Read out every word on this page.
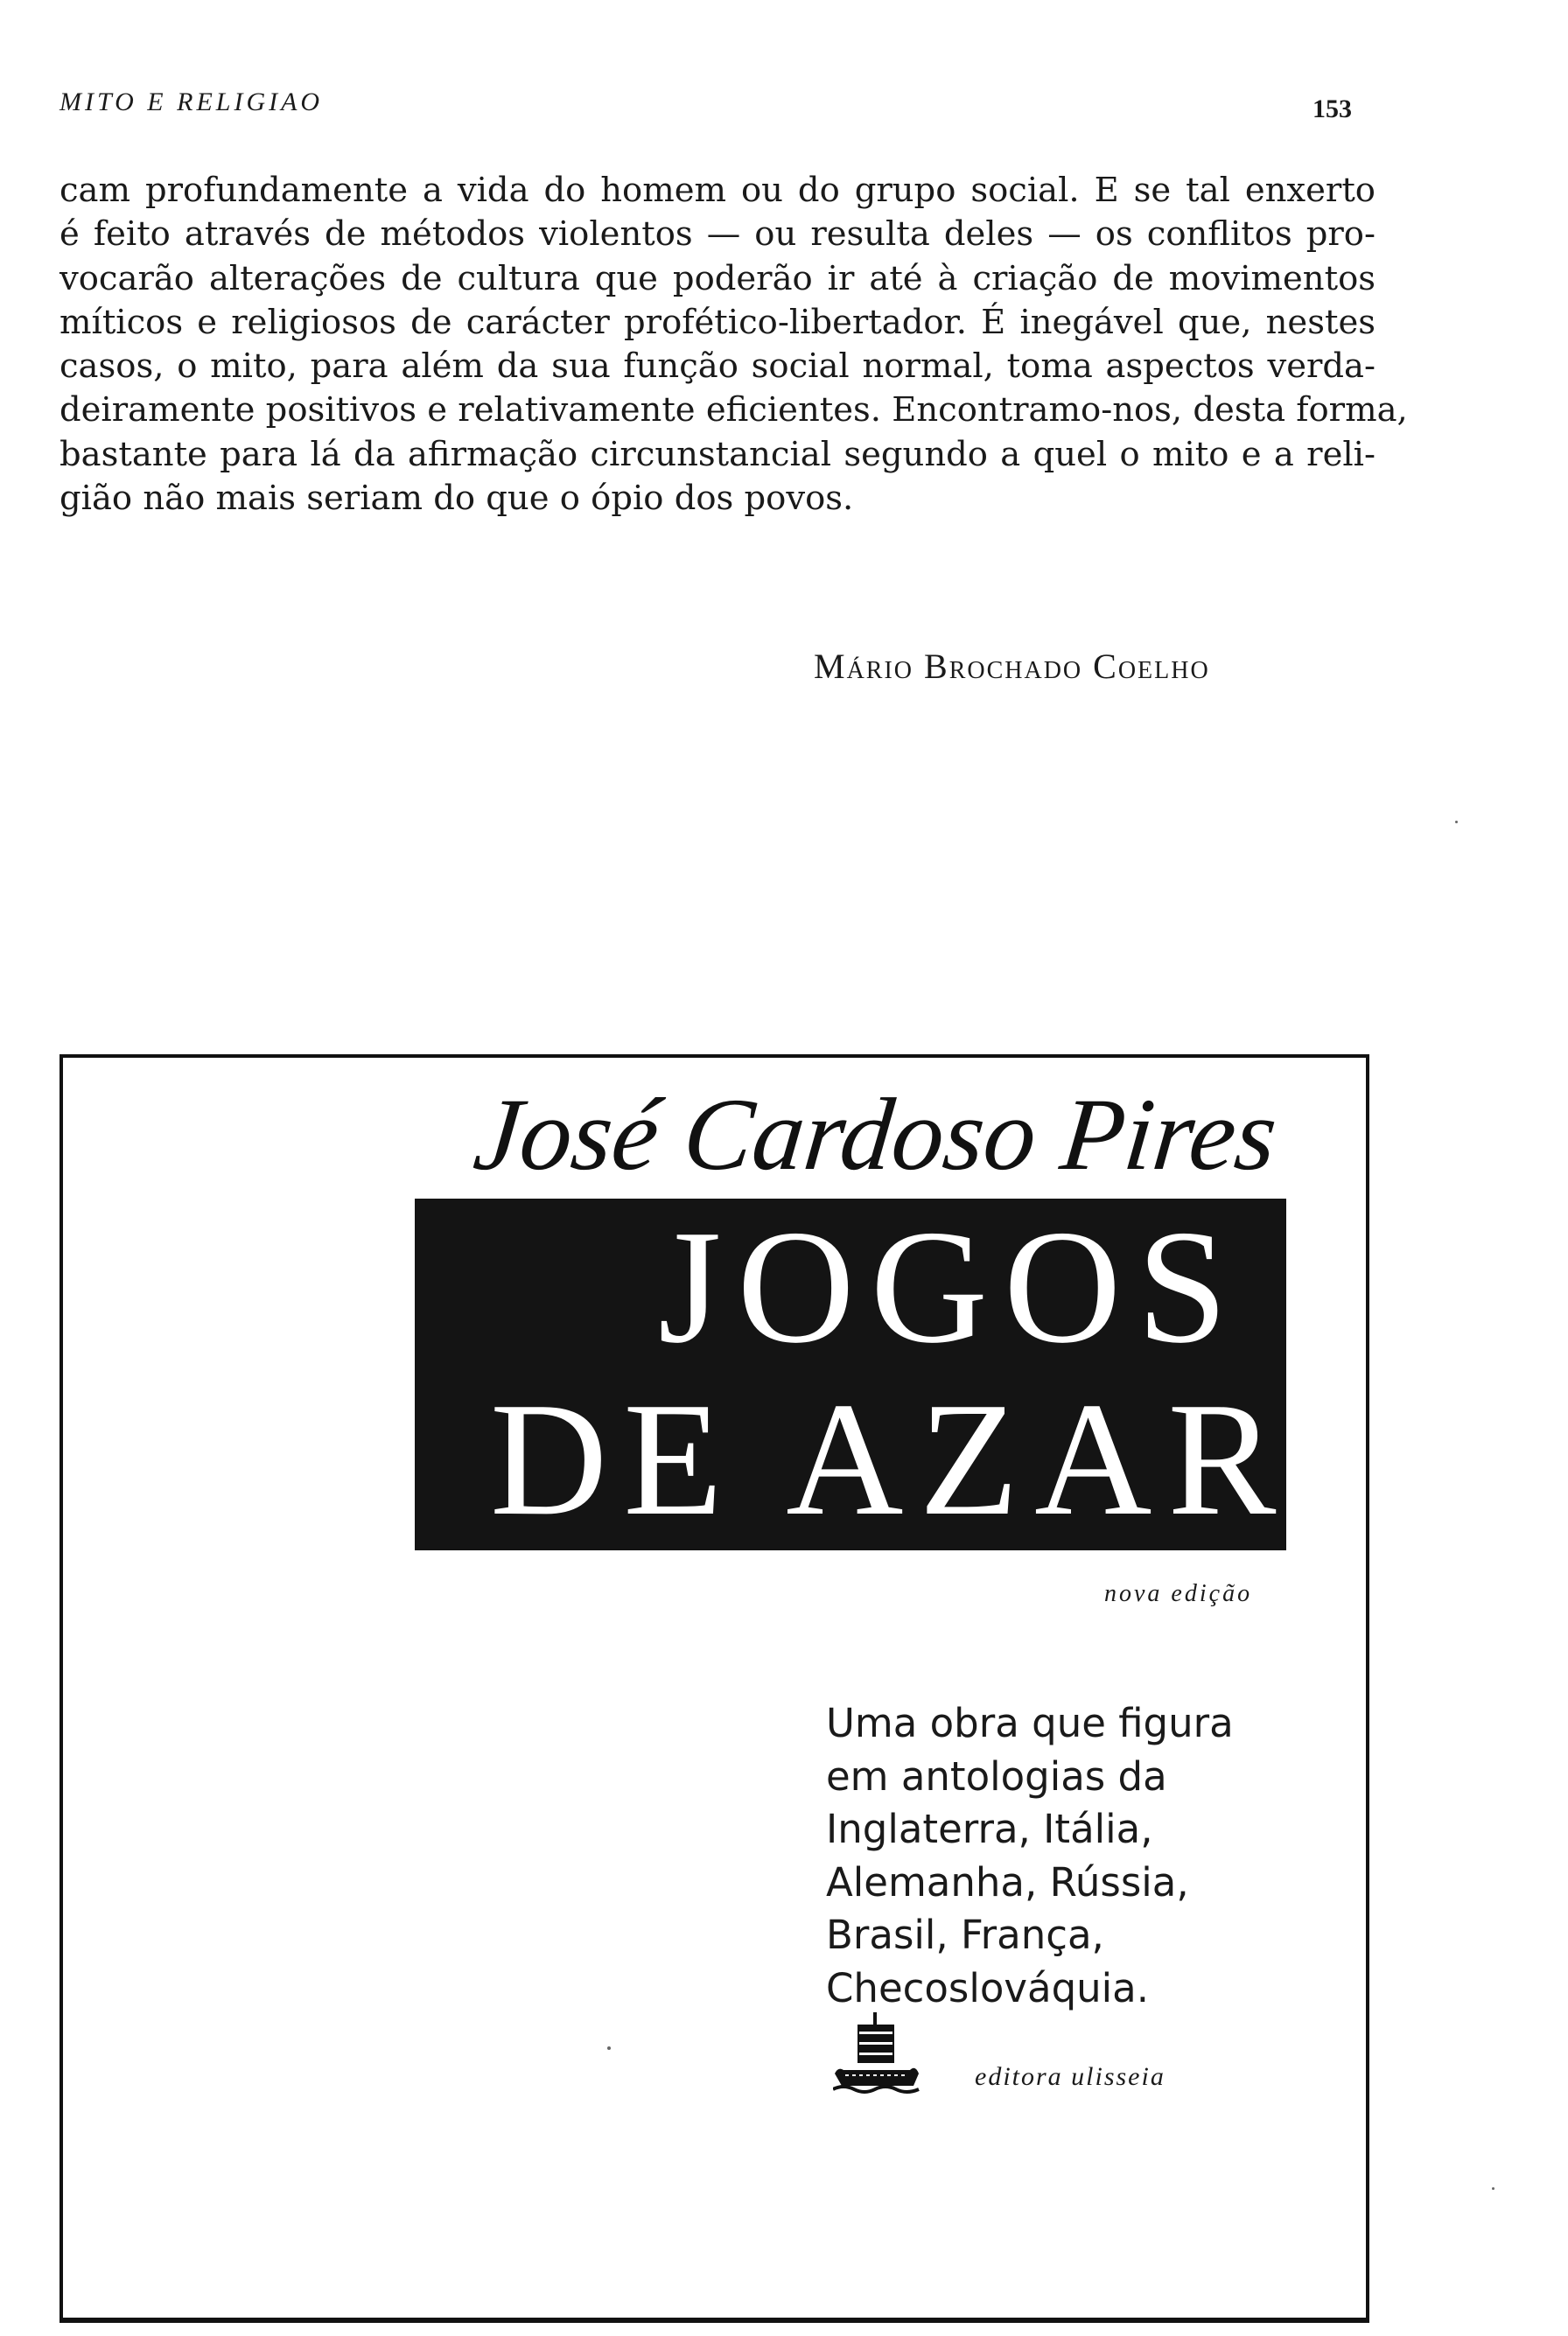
MITO E RELIGIAO	153
cam profundamente a vida do homem ou do grupo social. E se tal enxerto
é feito através de métodos violentos — ou resulta deles — os conflitos pro-
vocarão alterações de cultura que poderão ir até à criação de movimentos
míticos e religiosos de carácter profético-libertador. É inegável que, nestes
casos, o mito, para além da sua função social normal, toma aspectos verda-
deiramente positivos e relativamente eficientes. Encontramo-nos, desta forma,
bastante para lá da afirmação circunstancial segundo a quel o mito e a reli-
gião não mais seriam do que o ópio dos povos.
Mário Brochado Coelho
José Cardoso Pires
JOGOS
DE AZAR
nova edição
Uma obra que figura
em antologias da
Inglaterra, Itália,
Alemanha, Rússia,
Brasil, França,
Checoslováquia.
editora ulisseia
